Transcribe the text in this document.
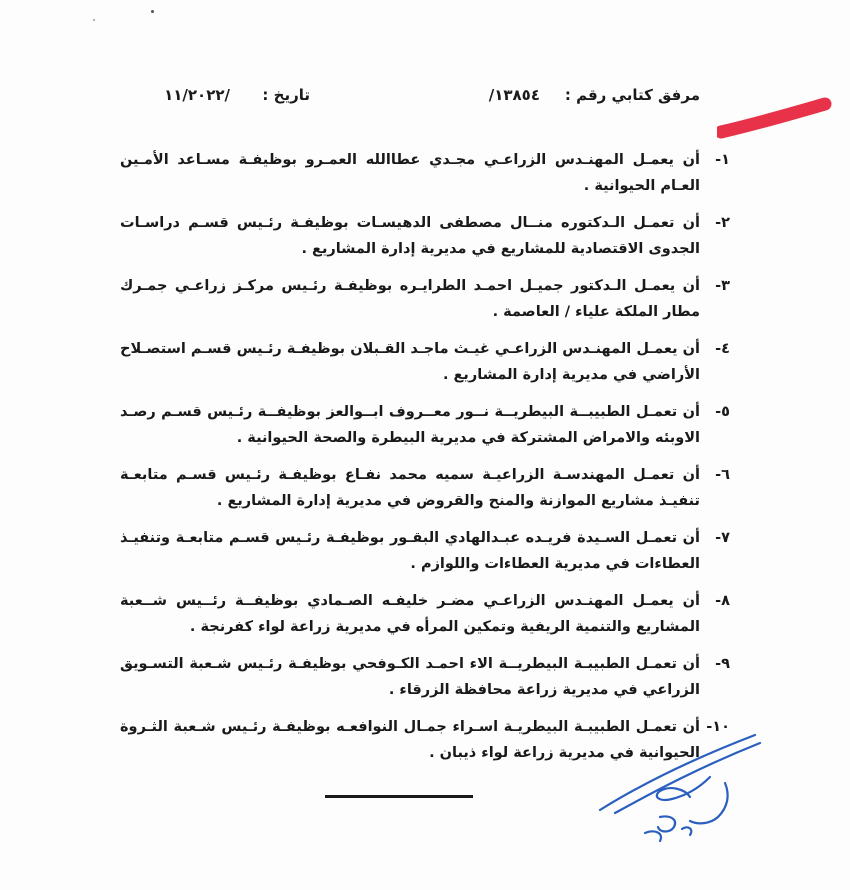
مرفق كتابي رقم :
١٣٨٥٤/
تاريخ :
/١١/٢٠٢٢
١-
أن يعمـل المهنـدس الزراعـي مجـدي عطاالله العمـرو بوظيفـة مسـاعد الأمـين العـام الحيوانية .
٢-
أن تعمـل الـدكتوره منــال مصطفى الدهيسـات بوظيفـة رئـيس قسـم دراسـات الجدوى الاقتصادية للمشاريع في مديرية إدارة المشاريع .
٣-
أن يعمـل الـدكتور جميـل احمـد الطرايـره بوظيفـة رئـيس مركـز زراعـي جمـرك مطار الملكة علياء / العاصمة .
٤-
أن يعمـل المهنـدس الزراعـي غيـث ماجـد القـبلان بوظيفـة رئـيس قسـم استصـلاح الأراضي في مديرية إدارة المشاريع .
٥-
أن تعمـل الطبيبــة البيطريــة نــور معــروف ابــوالعز بوظيفــة رئـيس قسـم رصـد الاوبئه والامراض المشتركة في مديرية البيطرة والصحة الحيوانية .
٦-
أن تعمـل المهندسـة الزراعيـة سميه محمد نفـاع بوظيفـة رئـيس قسـم متابعـة تنفيـذ مشاريع الموازنة والمنح والقروض في مديرية إدارة المشاريع .
٧-
أن تعمـل السـيدة فريـده عبـدالهادي البقـور بوظيفـة رئـيس قسـم متابعـة وتنفيـذ العطاءات في مديرية العطاءات واللوازم .
٨-
أن يعمـل المهنـدس الزراعـي مضـر خليفـه الصـمادي بوظيفــة رئــيس شــعبة المشاريع والتنمية الريفية وتمكين المرأه في مديرية زراعة لواء كفرنجة .
٩-
أن تعمـل الطبيبـة البيطريــة الاء احمـد الكـوفحي بوظيفـة رئـيس شـعبة التسـويق الزراعي في مديرية زراعة محافظة الزرقاء .
١٠-
أن تعمـل الطبيبـة البيطريـة اسـراء جمـال النوافعـه بوظيفـة رئـيس شـعبة الثـروة الحيوانية في مديرية زراعة لواء ذيبان .
